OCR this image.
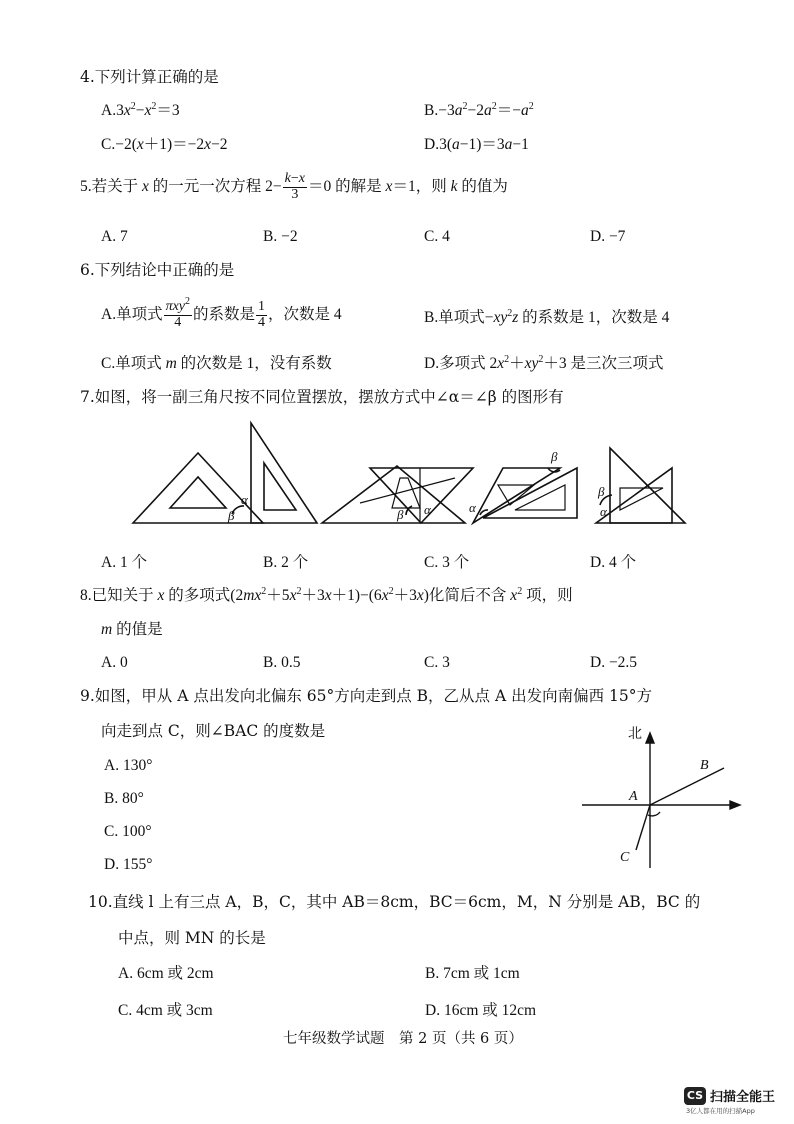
4.下列计算正确的是
$A.3x^2-x^2=3$	$B.-3a^2-2a^2=-a^2$
C.−2(x＋1)＝−2x−2	D.3(a−1)＝3a−1
5.若关于 x 的一元一次方程 $2- \frac{k-x}{3} =0$ 的解是 x＝1，则 k 的值为
A. 7	B. −2	C. 4	D. −7
6.下列结论中正确的是
A.单项式 $\frac{\pi xy^2}{4}$ 的系数是 $\frac{1}{4}$ ，次数是 4	B.单项式$-xy^2z$ 的系数是 1，次数是 4
C.单项式 m 的次数是 1，没有系数	D.多项式 $2x^2+xy^2+3$ 是三次三项式
7.如图，将一副三角尺按不同位置摆放，摆放方式中∠α＝∠β 的图形有
α
β	β α	α
β
β
α
A. 1 个	B. 2 个	C. 3 个	D. 4 个
8.已知关于 x 的多项式$(2mx^2+5x^2+3x+1)-(6x^2+3x)$化简后不含 $x^2$ 项，则
m 的值是
A. 0	B. 0.5	C. 3	D. −2.5
9.如图，甲从 A 点出发向北偏东 65°方向走到点 B，乙从点 A 出发向南偏西 15°方
向走到点 C，则∠BAC 的度数是
A. 130°
B. 80°
C. 100°
D. 155°
北
A
B
C
10.直线 l 上有三点 A，B，C，其中 AB＝8cm，BC＝6cm，M，N 分别是 AB，BC 的
中点，则 MN 的长是
A. 6cm 或 2cm	B. 7cm 或 1cm
C. 4cm 或 3cm	D. 16cm 或 12cm
七年级数学试题　第 2 页（共 6 页）
CS 扫描全能王
3亿人都在用的扫描App
